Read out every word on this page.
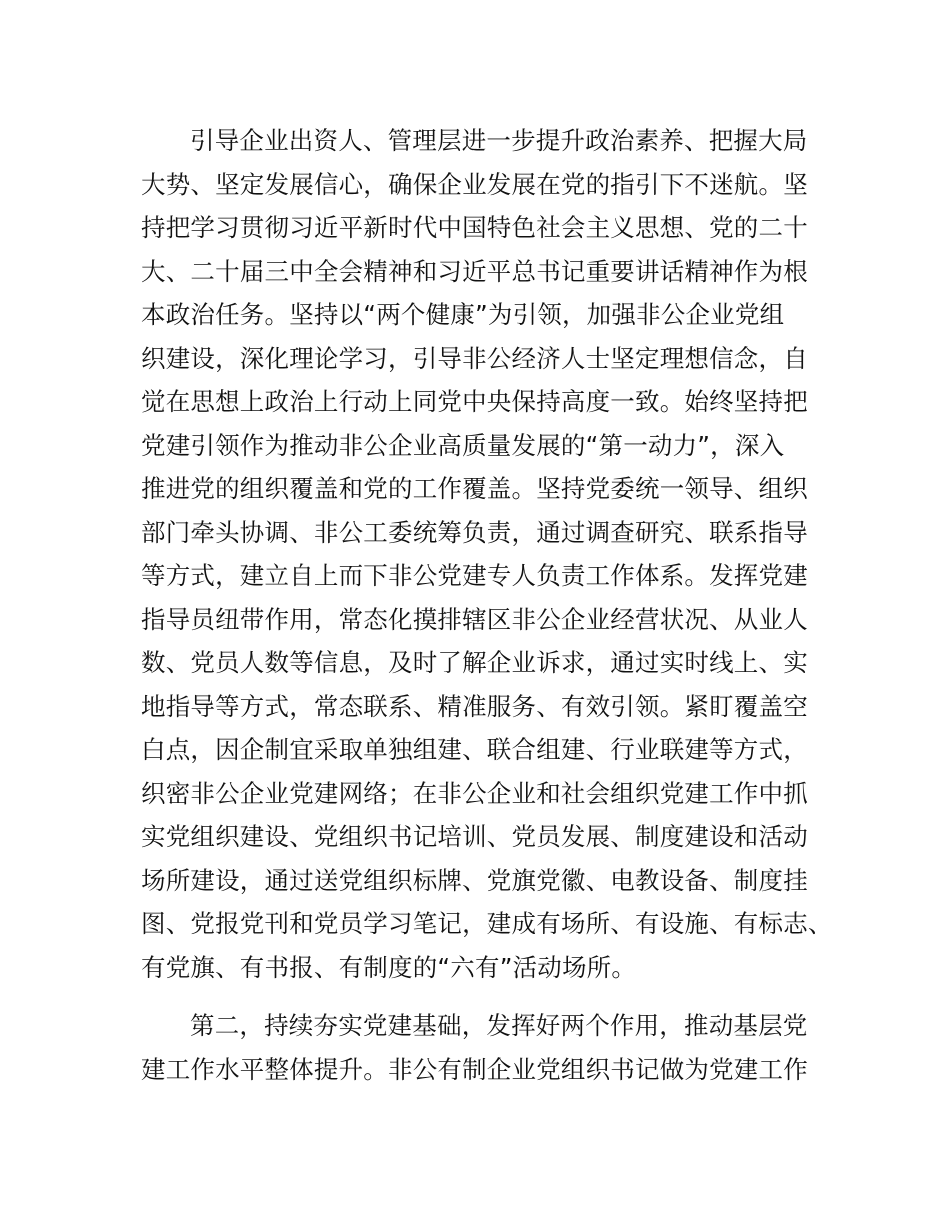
引导企业出资人、管理层进一步提升政治素养、把握大局
大势、坚定发展信心，确保企业发展在党的指引下不迷航。坚
持把学习贯彻习近平新时代中国特色社会主义思想、党的二十
大、二十届三中全会精神和习近平总书记重要讲话精神作为根
本政治任务。坚持以“两个健康”为引领，加强非公企业党组
织建设，深化理论学习，引导非公经济人士坚定理想信念，自
觉在思想上政治上行动上同党中央保持高度一致。始终坚持把
党建引领作为推动非公企业高质量发展的“第一动力”，深入
推进党的组织覆盖和党的工作覆盖。坚持党委统一领导、组织
部门牵头协调、非公工委统筹负责，通过调查研究、联系指导
等方式，建立自上而下非公党建专人负责工作体系。发挥党建
指导员纽带作用，常态化摸排辖区非公企业经营状况、从业人
数、党员人数等信息，及时了解企业诉求，通过实时线上、实
地指导等方式，常态联系、精准服务、有效引领。紧盯覆盖空
白点，因企制宜采取单独组建、联合组建、行业联建等方式，
织密非公企业党建网络；在非公企业和社会组织党建工作中抓
实党组织建设、党组织书记培训、党员发展、制度建设和活动
场所建设，通过送党组织标牌、党旗党徽、电教设备、制度挂
图、党报党刊和党员学习笔记，建成有场所、有设施、有标志、
有党旗、有书报、有制度的“六有”活动场所。
第二，持续夯实党建基础，发挥好两个作用，推动基层党
建工作水平整体提升。非公有制企业党组织书记做为党建工作
